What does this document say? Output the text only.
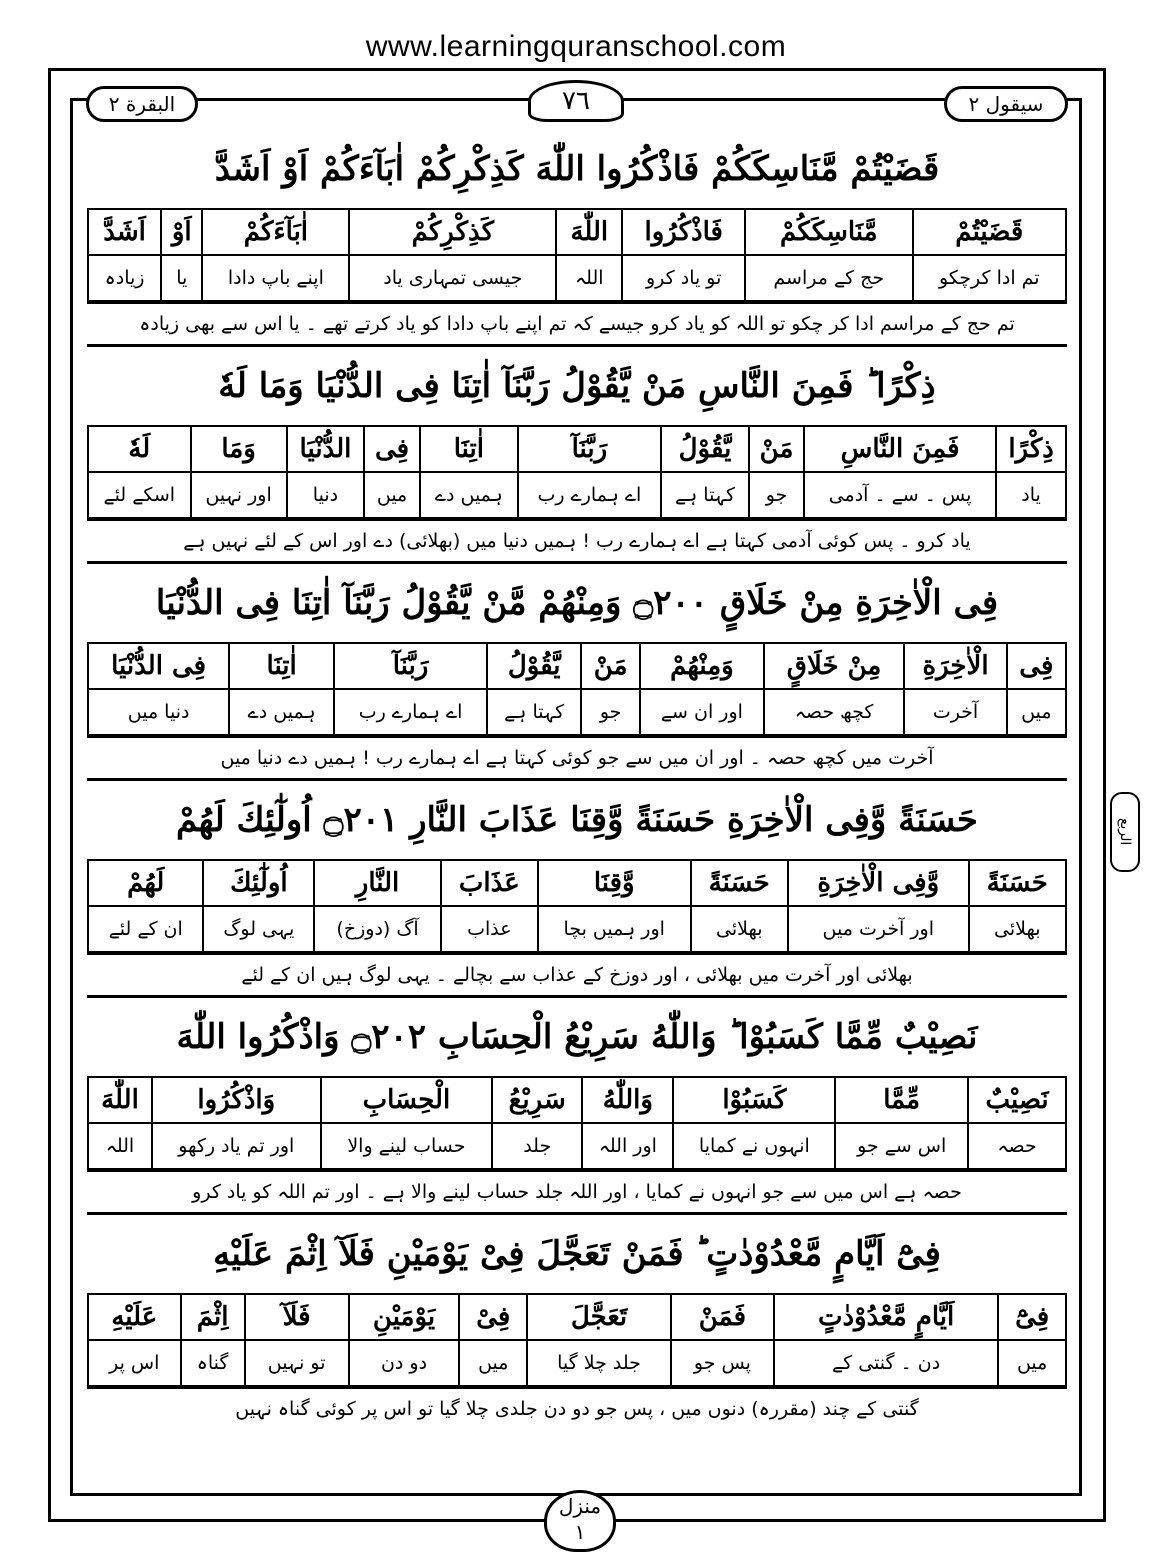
www.learningquranschool.com
البقرة ٢	٧٦	سیقول ٢
الربع
قَضَيْتُمْ مَّنَاسِكَكُمْ فَاذْكُرُوا اللّٰهَ كَذِكْرِكُمْ اٰبَآءَكُمْ اَوْ اَشَدَّ
قَضَيْتُمْ	مَّنَاسِكَكُمْ	فَاذْكُرُوا	اللّٰهَ	كَذِكْرِكُمْ	اٰبَآءَكُمْ	اَوْ	اَشَدَّ
تم ادا کرچکو	حج کے مراسم	تو یاد کرو	اللہ	جیسی تمہاری یاد	اپنے باپ دادا	یا	زیادہ
تم حج کے مراسم ادا کر چکو تو اللہ کو یاد کرو جیسے کہ تم اپنے باپ دادا کو یاد کرتے تھے ۔ یا اس سے بھی زیادہ
ذِكْرًا ؕ فَمِنَ النَّاسِ مَنْ يَّقُوْلُ رَبَّنَآ اٰتِنَا فِى الدُّنْيَا وَمَا لَهٗ
ذِكْرًا	فَمِنَ النَّاسِ	مَنْ	يَّقُوْلُ	رَبَّنَآ	اٰتِنَا	فِى	الدُّنْيَا	وَمَا	لَهٗ
یاد	پس ۔ سے ۔ آدمی	جو	کہتا ہے	اے ہمارے رب	ہمیں دے	میں	دنیا	اور نہیں	اسکے لئے
یاد کرو ۔ پس کوئی آدمی کہتا ہے اے ہمارے رب ! ہمیں دنیا میں (بھلائی) دے اور اس کے لئے نہیں ہے
فِى الْاٰخِرَةِ مِنْ خَلَاقٍ ۝٢٠٠ وَمِنْهُمْ مَّنْ يَّقُوْلُ رَبَّنَآ اٰتِنَا فِى الدُّنْيَا
فِى	الْاٰخِرَةِ	مِنْ خَلَاقٍ	وَمِنْهُمْ	مَنْ	يَّقُوْلُ	رَبَّنَآ	اٰتِنَا	فِى الدُّنْيَا
میں	آخرت	کچھ حصہ	اور ان سے	جو	کہتا ہے	اے ہمارے رب	ہمیں دے	دنیا میں
آخرت میں کچھ حصہ ۔ اور ان میں سے جو کوئی کہتا ہے اے ہمارے رب ! ہمیں دے دنیا میں
حَسَنَةً وَّفِى الْاٰخِرَةِ حَسَنَةً وَّقِنَا عَذَابَ النَّارِ ۝٢٠١ اُولٰٓئِكَ لَهُمْ
حَسَنَةً	وَّفِى الْاٰخِرَةِ	حَسَنَةً	وَّقِنَا	عَذَابَ	النَّارِ	اُولٰٓئِكَ	لَهُمْ
بھلائی	اور آخرت میں	بھلائی	اور ہمیں بچا	عذاب	آگ (دوزخ)	یہی لوگ	ان کے لئے
بھلائی اور آخرت میں بھلائی ، اور دوزخ کے عذاب سے بچالے ۔ یہی لوگ ہیں ان کے لئے
نَصِيْبٌ مِّمَّا كَسَبُوْا ؕ وَاللّٰهُ سَرِيْعُ الْحِسَابِ ۝٢٠٢ وَاذْكُرُوا اللّٰهَ
نَصِيْبٌ	مِّمَّا	كَسَبُوْا	وَاللّٰهُ	سَرِيْعُ	الْحِسَابِ	وَاذْكُرُوا	اللّٰهَ
حصہ	اس سے جو	انہوں نے کمایا	اور اللہ	جلد	حساب لینے والا	اور تم یاد رکھو	اللہ
حصہ ہے اس میں سے جو انہوں نے کمایا ، اور اللہ جلد حساب لینے والا ہے ۔ اور تم اللہ کو یاد کرو
فِىْٓ اَيَّامٍ مَّعْدُوْدٰتٍ ؕ فَمَنْ تَعَجَّلَ فِىْ يَوْمَيْنِ فَلَآ اِثْمَ عَلَيْهِ
فِىْٓ	اَيَّامٍ مَّعْدُوْدٰتٍ	فَمَنْ	تَعَجَّلَ	فِىْ	يَوْمَيْنِ	فَلَآ	اِثْمَ	عَلَيْهِ
میں	دن ۔ گنتی کے	پس جو	جلد چلا گیا	میں	دو دن	تو نہیں	گناہ	اس پر
گنتی کے چند (مقررہ) دنوں میں ، پس جو دو دن جلدی چلا گیا تو اس پر کوئی گناہ نہیں
منزل
١
